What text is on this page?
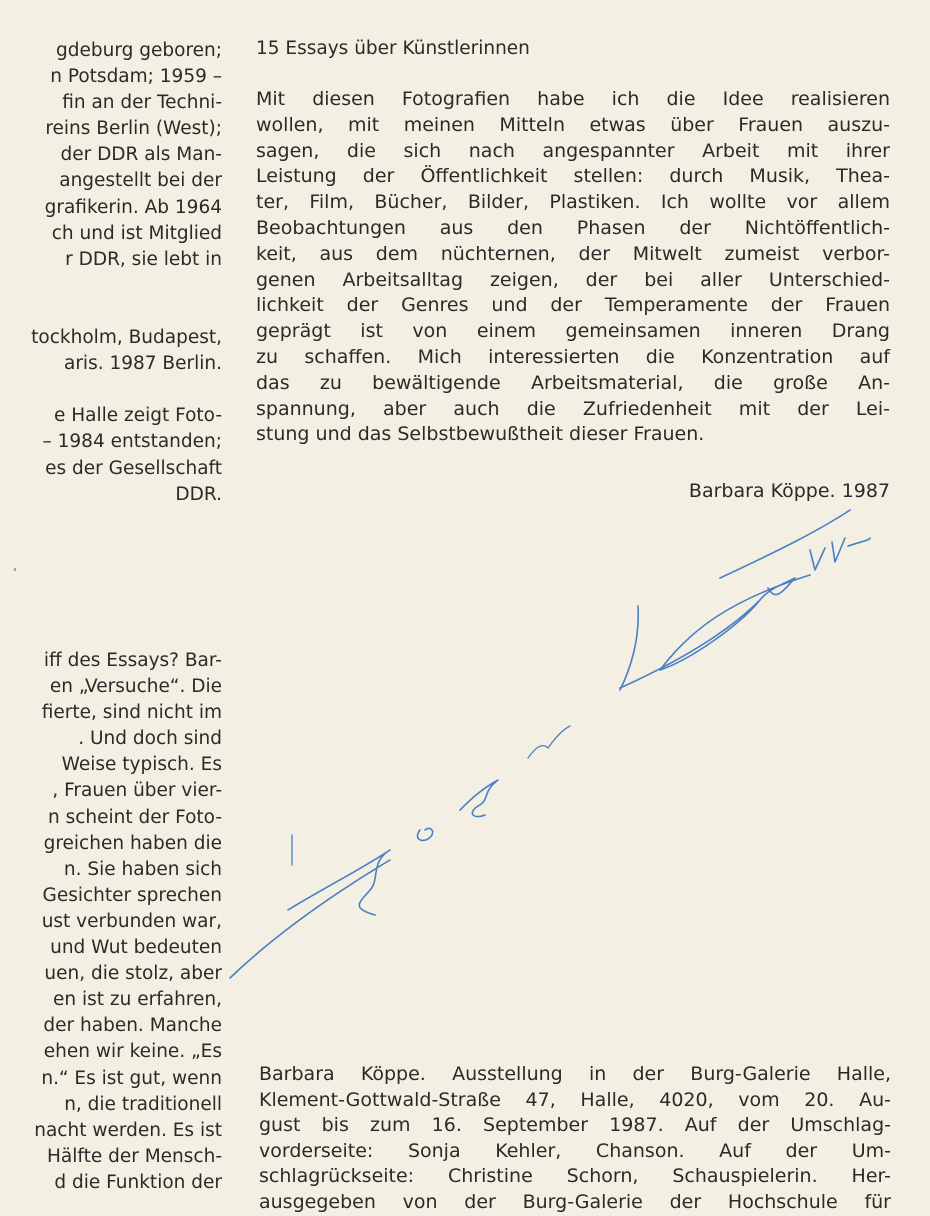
gdeburg geboren;
n Potsdam; 1959 –
fin an der Techni-
reins Berlin (West);
der DDR als Man-
angestellt bei der
grafikerin. Ab 1964
ch und ist Mitglied
r DDR, sie lebt in
tockholm, Budapest,
aris. 1987 Berlin.
e Halle zeigt Foto-
– 1984 entstanden;
es der Gesellschaft
DDR.
iff des Essays? Bar-
en „Versuche“. Die
fierte, sind nicht im
. Und doch sind
Weise typisch. Es
, Frauen über vier-
n scheint der Foto-
greichen haben die
n. Sie haben sich
Gesichter sprechen
ust verbunden war,
und Wut bedeuten
uen, die stolz, aber
en ist zu erfahren,
der haben. Manche
ehen wir keine. „Es
n.“ Es ist gut, wenn
n, die traditionell
nacht werden. Es ist
Hälfte der Mensch-
d die Funktion der
15 Essays über Künstlerinnen
Mit diesen Fotografien habe ich die Idee realisieren
wollen, mit meinen Mitteln etwas über Frauen auszu-
sagen, die sich nach angespannter Arbeit mit ihrer
Leistung der Öffentlichkeit stellen: durch Musik, Thea-
ter, Film, Bücher, Bilder, Plastiken. Ich wollte vor allem
Beobachtungen aus den Phasen der Nichtöffentlich-
keit, aus dem nüchternen, der Mitwelt zumeist verbor-
genen Arbeitsalltag zeigen, der bei aller Unterschied-
lichkeit der Genres und der Temperamente der Frauen
geprägt ist von einem gemeinsamen inneren Drang
zu schaffen. Mich interessierten die Konzentration auf
das zu bewältigende Arbeitsmaterial, die große An-
spannung, aber auch die Zufriedenheit mit der Lei-
stung und das Selbstbewußtheit dieser Frauen.
Barbara Köppe. 1987
Barbara Köppe. Ausstellung in der Burg-Galerie Halle,
Klement-Gottwald-Straße 47, Halle, 4020, vom 20. Au-
gust bis zum 16. September 1987. Auf der Umschlag-
vorderseite: Sonja Kehler, Chanson. Auf der Um-
schlagrückseite: Christine Schorn, Schauspielerin. Her-
ausgegeben von der Burg-Galerie der Hochschule für
